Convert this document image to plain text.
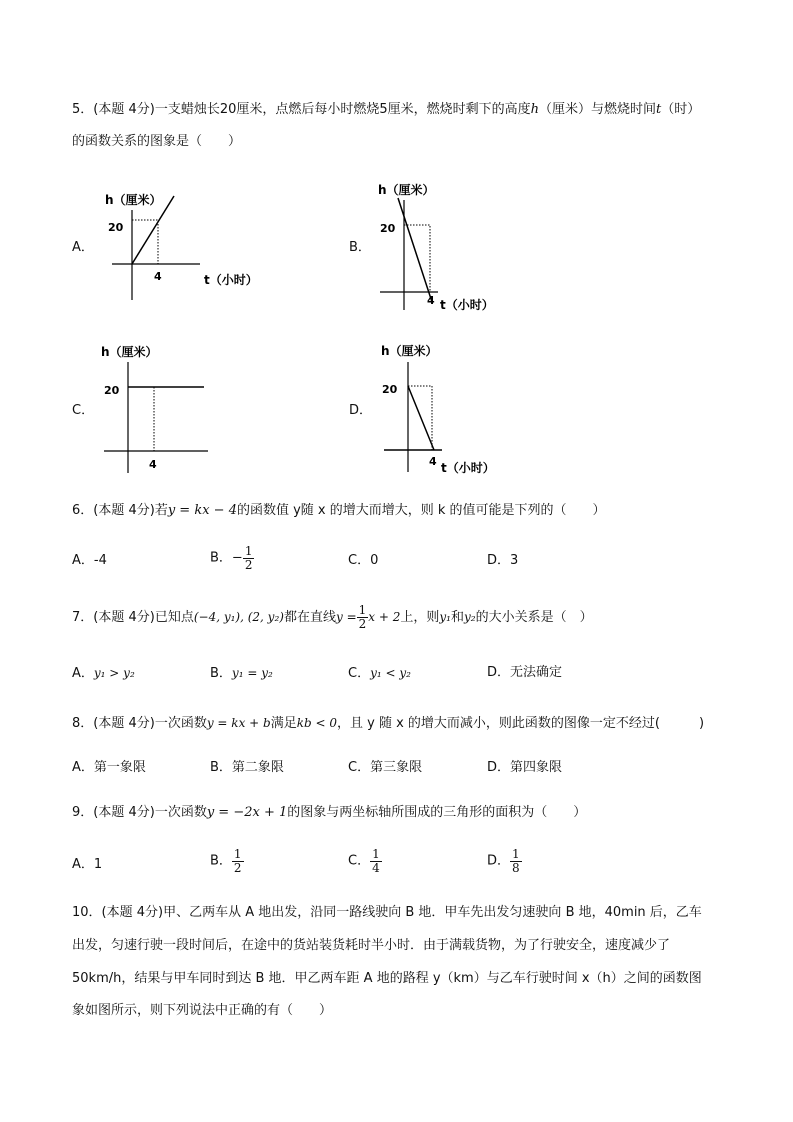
5．(本题 4分)一支蜡烛长20厘米，点燃后每小时燃烧5厘米，燃烧时剩下的高度h（厘米）与燃烧时间t（时）
的函数关系的图象是（　　）
A．
h（厘米）
20
4	t（小时）
B．
h（厘米）
20
4 t（小时）
C．
h（厘米）
20
4
D．
h（厘米）
20
4 t（小时）
6．(本题 4分)若y = kx − 4的函数值 y随 x 的增大而增大，则 k 的值可能是下列的（　　）
A．-4	B．− $\frac{1}{2}$	C．0	D．3
7．(本题 4分)已知点(−4, y₁), (2, y₂)都在直线$y = \frac{1}{2}$ x + 2上，则y₁和y₂的大小关系是（　）
A．y₁ > y₂	B．y₁ = y₂	C．y₁ < y₂	D．无法确定
8．(本题 4分)一次函数y = kx + b满足kb < 0，且 y 随 x 的增大而减小，则此函数的图像一定不经过(　　　)
A．第一象限	B．第二象限	C．第三象限	D．第四象限
9．(本题 4分)一次函数y = −2x + 1的图象与两坐标轴所围成的三角形的面积为（　　）
A．1	B． $\frac{1}{2}$	C． $\frac{1}{4}$	D． $\frac{1}{8}$
10．(本题 4分)甲、乙两车从 A 地出发，沿同一路线驶向 B 地．甲车先出发匀速驶向 B 地，40min 后，乙车
出发，匀速行驶一段时间后，在途中的货站装货耗时半小时．由于满载货物，为了行驶安全，速度减少了
50km/h，结果与甲车同时到达 B 地．甲乙两车距 A 地的路程 y（km）与乙车行驶时间 x（h）之间的函数图
象如图所示，则下列说法中正确的有（　　）
